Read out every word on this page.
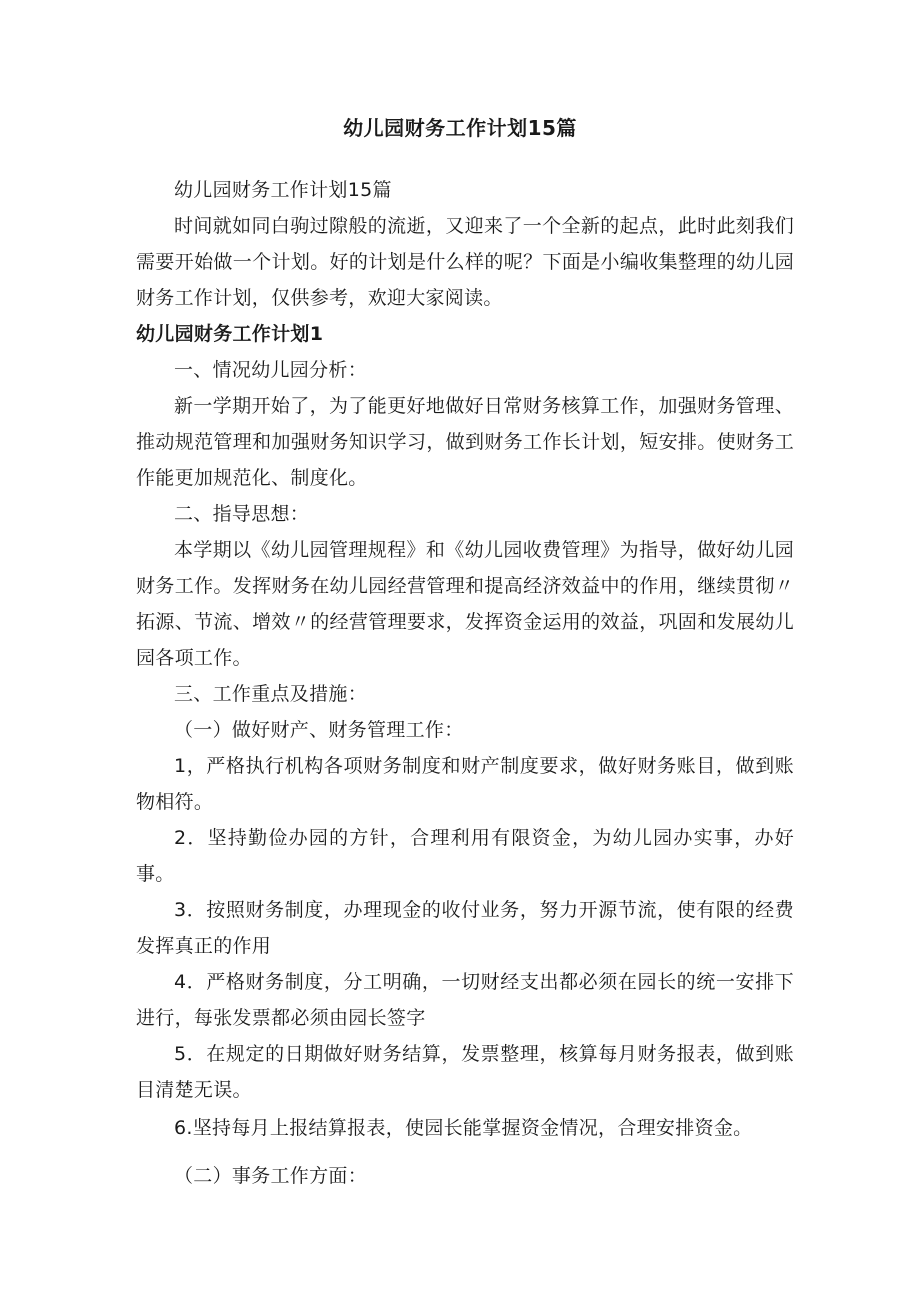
幼儿园财务工作计划15篇
幼儿园财务工作计划15篇
时间就如同白驹过隙般的流逝，又迎来了一个全新的起点，此时此刻我们需要开始做一个计划。好的计划是什么样的呢？下面是小编收集整理的幼儿园财务工作计划，仅供参考，欢迎大家阅读。
幼儿园财务工作计划1
一、情况幼儿园分析：
新一学期开始了，为了能更好地做好日常财务核算工作，加强财务管理、推动规范管理和加强财务知识学习，做到财务工作长计划，短安排。使财务工作能更加规范化、制度化。
二、指导思想：
本学期以《幼儿园管理规程》和《幼儿园收费管理》为指导，做好幼儿园财务工作。发挥财务在幼儿园经营管理和提高经济效益中的作用，继续贯彻〃拓源、节流、增效〃的经营管理要求，发挥资金运用的效益，巩固和发展幼儿园各项工作。
三、工作重点及措施：
（一）做好财产、财务管理工作：
1，严格执行机构各项财务制度和财产制度要求，做好财务账目，做到账物相符。
2．坚持勤俭办园的方针，合理利用有限资金，为幼儿园办实事，办好事。
3．按照财务制度，办理现金的收付业务，努力开源节流，使有限的经费发挥真正的作用
4．严格财务制度，分工明确，一切财经支出都必须在园长的统一安排下进行，每张发票都必须由园长签字
5．在规定的日期做好财务结算，发票整理，核算每月财务报表，做到账目清楚无误。
6.坚持每月上报结算报表，使园长能掌握资金情况，合理安排资金。
（二）事务工作方面：
